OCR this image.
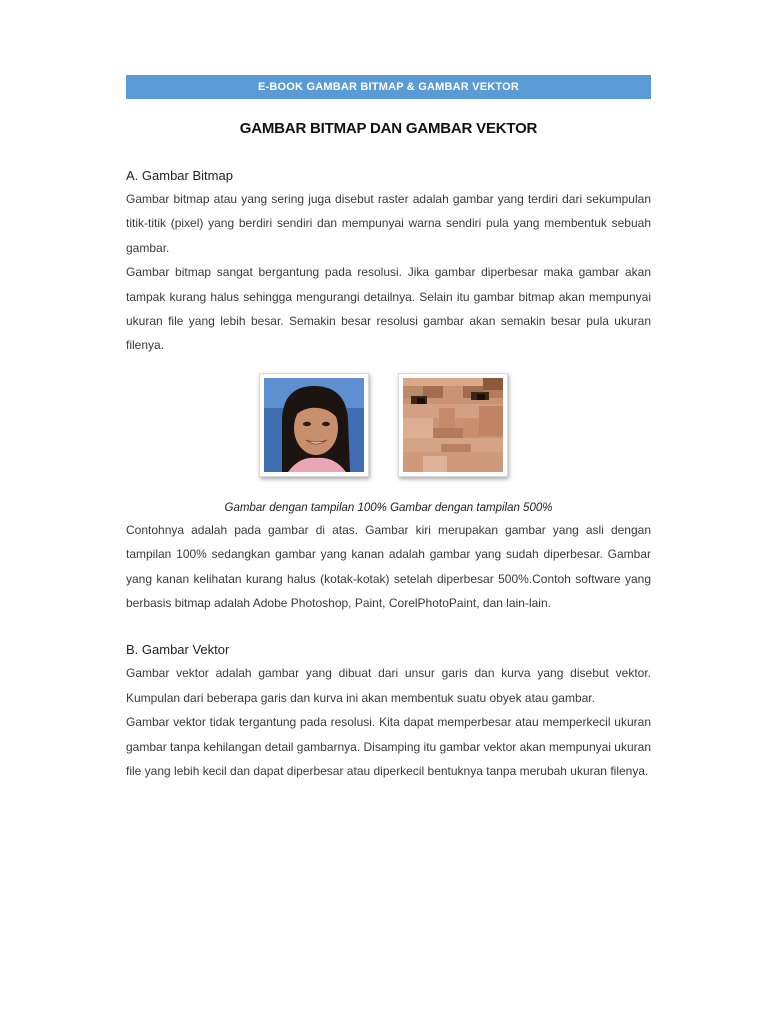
E-BOOK GAMBAR BITMAP & GAMBAR VEKTOR
GAMBAR BITMAP DAN GAMBAR VEKTOR
A. Gambar Bitmap

Gambar bitmap atau yang sering juga disebut raster adalah gambar yang terdiri dari sekumpulan titik-titik (pixel) yang berdiri sendiri dan mempunyai warna sendiri pula yang membentuk sebuah gambar.

Gambar bitmap sangat bergantung pada resolusi. Jika gambar diperbesar maka gambar akan tampak kurang halus sehingga mengurangi detailnya. Selain itu gambar bitmap akan mempunyai ukuran file yang lebih besar. Semakin besar resolusi gambar akan semakin besar pula ukuran filenya.

Gambar dengan tampilan 100% Gambar dengan tampilan 500%

Contohnya adalah pada gambar di atas. Gambar kiri merupakan gambar yang asli dengan tampilan 100% sedangkan gambar yang kanan adalah gambar yang sudah diperbesar. Gambar yang kanan kelihatan kurang halus (kotak-kotak) setelah diperbesar 500%.Contoh software yang berbasis bitmap adalah Adobe Photoshop, Paint, CorelPhotoPaint, dan lain-lain.

B. Gambar Vektor

Gambar vektor adalah gambar yang dibuat dari unsur garis dan kurva yang disebut vektor. Kumpulan dari beberapa garis dan kurva ini akan membentuk suatu obyek atau gambar.

Gambar vektor tidak tergantung pada resolusi. Kita dapat memperbesar atau memperkecil ukuran gambar tanpa kehilangan detail gambarnya. Disamping itu gambar vektor akan mempunyai ukuran file yang lebih kecil dan dapat diperbesar atau diperkecil bentuknya tanpa merubah ukuran filenya.
